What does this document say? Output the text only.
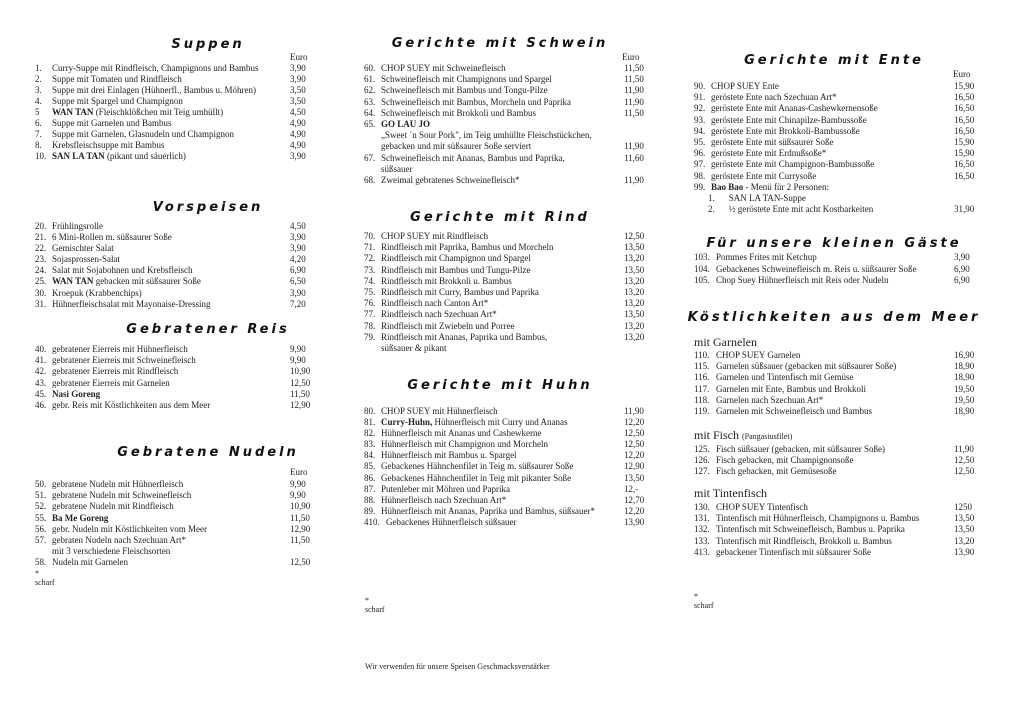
Suppen
Euro
1. Curry-Suppe mit Rindfleisch, Champignons und Bambus	3,90
2. Suppe mit Tomaten und Rindfleisch	3,90
3. Suppe mit drei Einlagen (Hühnerfl., Bambus u. Möhren)	3,50
4. Suppe mit Spargel und Champignon	3,50
5 WAN TAN (Fleischklößchen mit Teig umhüllt)	4,50
6. Suppe mit Garnelen und Bambus	4,90
7. Suppe mit Garnelen, Glasnudeln und Champignon	4,90
8. Krebsfleischsuppe mit Bambus	4,90
10. SAN LA TAN (pikant und säuerlich)	3,90
Vorspeisen
20. Frühlingsrolle	4,50
21. 6 Mini-Rollen m. süßsaurer Soße	3,90
22. Gemischter Salat	3,90
23. Sojasprossen-Salat	4,20
24. Salat mit Sojabohnen und Krebsfleisch	6,90
25. WAN TAN gebacken mit süßsaurer Soße	6,50
30. Kroepuk (Krabbenchips)	3,90
31. Hühnerfleischsalat mit Mayonaise-Dressing	7,20
Gebratener Reis
40. gebratener Eierreis mit Hühnerfleisch	9,90
41. gebratener Eierreis mit Schweinefleisch	9,90
42. gebratener Eierreis mit Rindfleisch	10,90
43. gebratener Eierreis mit Garnelen	12,50
45. Nasi Goreng	11,50
46. gebr. Reis mit Köstlichkeiten aus dem Meer	12,90
Gebratene Nudeln
Euro
50. gebratene Nudeln mit Hühnerfleisch	9,90
51. gebratene Nudeln mit Schweinefleisch	9,90
52. gebratene Nudeln mit Rindfleisch	10,90
55. Ba Me Goreng	11,50
56. gebr. Nudeln mit Köstlichkeiten vom Meer	12,90
57. gebraten Nudeln nach Szechuan Art*	11,50
mit 3 verschiedene Fleischsorten
58. Nudeln mit Garnelen	12,50
* scharf
Gerichte mit Schwein
Euro
60. CHOP SUEY mit Schweinefleisch	11,50
61. Schweinefleisch mit Champignons und Spargel	11,50
62. Schweinefleisch mit Bambus und Tongu-Pilze	11,90
63. Schweinefleisch mit Bambus, Morcheln und Paprika	11,90
64. Schweinefleisch mit Brokkoli und Bambus	11,50
65. GO LAU JO
„Sweet ´n Sour Pork", im Teig umhüllte Fleischstückchen,
gebacken und mit süßsaurer Soße serviert	11,90
67. Schweinefleisch mit Ananas, Bambus und Paprika,	11,60
süßsauer
68. Zweimal gebratenes Schweinefleisch*	11,90
Gerichte mit Rind
70. CHOP SUEY mit Rindfleisch	12,50
71. Rindfleisch mit Paprika, Bambus und Morcheln	13,50
72. Rindfleisch mit Champignon und Spargel	13,20
73. Rindfleisch mit Bambus und Tungu-Pilze	13,50
74. Rindfleisch mit Brokkoli u. Bambus	13,20
75. Rindfleisch mit Curry, Bambus und Paprika	13,20
76. Rindfleisch nach Canton Art*	13,20
77. Rindfleisch nach Szechuan Art*	13,50
78. Rindfleisch mit Zwiebeln und Porree	13,20
79. Rindfleisch mit Ananas, Paprika und Bambus,	13,20
süßsauer & pikant
Gerichte mit Huhn
80. CHOP SUEY mit Hühnerfleisch	11,90
81. Curry-Huhn, Hühnerfleisch mit Curry und Ananas	12,20
82. Hühnerfleisch mit Ananas und Cashewkerne	12,50
83. Hühnerfleisch mit Champignon und Morcheln	12,50
84. Hühnerfleisch mit Bambus u. Spargel	12,20
85. Gebackenes Hähnchenfilet in Teig m. süßsaurer Soße	12,90
86. Gebackenes Hähnchenfilet in Teig mit pikanter Soße	13,50
87. Putenleber mit Möhren und Paprika	12,-
88. Hühnerfleisch nach Szechuan Art*	12,70
89. Hühnerfleisch mit Ananas, Paprika und Bambus, süßsauer*	12,20
410. Gebackenes Hühnerfleisch süßsauer	13,90
* scharf
Gerichte mit Ente
Euro
90. CHOP SUEY Ente	15,90
91. geröstete Ente nach Szechuan Art*	16,50
92. geröstete Ente mit Ananas-Cashewkernensoße	16,50
93. geröstete Ente mit Chinapilze-Bambussoße	16,50
94. geröstete Ente mit Brokkoli-Bambussoße	16,50
95. geröstete Ente mit süßsaurer Soße	15,90
96. geröstete Ente mit Erdnußsoße*	15,90
97. geröstete Ente mit Champignon-Bambussoße	16,50
98. geröstete Ente mit Currysoße	16,50
99. Bao Bao - Menü für 2 Personen:
1. SAN LA TAN-Suppe
2. ½ geröstete Ente mit acht Kostbarkeiten	31,90
Für unsere kleinen Gäste
103. Pommes Frites mit Ketchup	3,90
104. Gebackenes Schweinefleisch m. Reis u. süßsaurer Soße	6,90
105. Chop Suey Hühnerfleisch mit Reis oder Nudeln	6,90
Köstlichkeiten aus dem Meer
mit Garnelen
110. CHOP SUEY Garnelen	16,90
115. Garnelen süßsauer (gebacken mit süßsaurer Soße)	18,90
116. Garnelen und Tintenfisch mit Gemüse	18,90
117. Garnelen mit Ente, Bambus und Brokkoli	19,50
118. Garnelen nach Szechuan Art*	19,50
119. Garnelen mit Schweinefleisch und Bambus	18,90
mit Fisch (Pangasiusfilet)
125. Fisch süßsauer (gebacken, mit süßsaurer Soße)	11,90
126. Fisch gebacken, mit Champignonsoße	12,50
127. Fisch gebacken, mit Gemüsesoße	12,50
mit Tintenfisch
130. CHOP SUEY Tintenfisch	1250
131. Tintenfisch mit Hühnerfleisch, Champignons u. Bambus	13,50
132. Tintenfisch mit Schweinefleisch, Bambus u. Paprika	13,50
133. Tintenfisch mit Rindfleisch, Brokkoli u. Bambus	13,20
413. gebackener Tintenfisch mit süßsaurer Soße	13,90
* scharf
Wir verwenden für unsere Speisen Geschmacksverstärker
